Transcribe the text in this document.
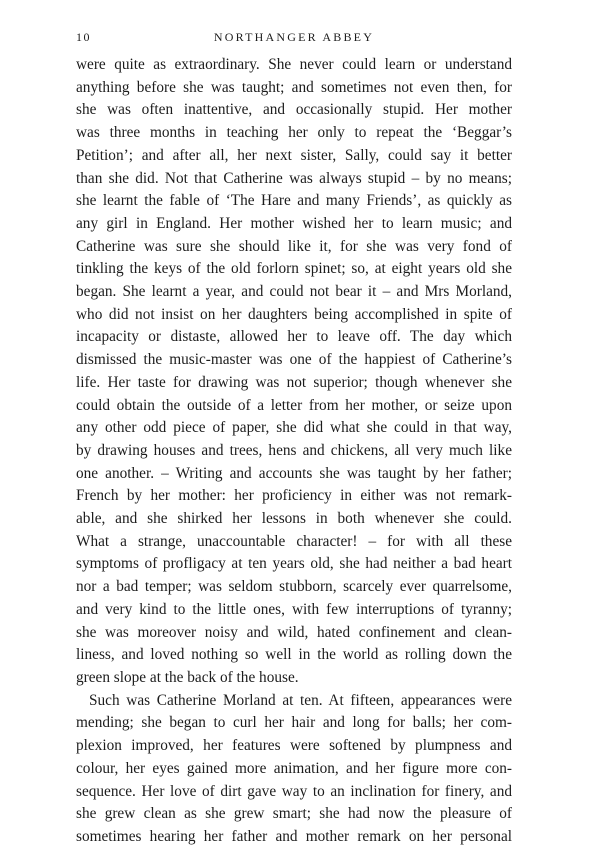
10	NORTHANGER ABBEY
were quite as extraordinary. She never could learn or understand
anything before she was taught; and sometimes not even then, for
she was often inattentive, and occasionally stupid. Her mother
was three months in teaching her only to repeat the ‘Beggar’s
Petition’; and after all, her next sister, Sally, could say it better
than she did. Not that Catherine was always stupid – by no means;
she learnt the fable of ‘The Hare and many Friends’, as quickly as
any girl in England. Her mother wished her to learn music; and
Catherine was sure she should like it, for she was very fond of
tinkling the keys of the old forlorn spinet; so, at eight years old she
began. She learnt a year, and could not bear it – and Mrs Morland,
who did not insist on her daughters being accomplished in spite of
incapacity or distaste, allowed her to leave off. The day which
dismissed the music-master was one of the happiest of Catherine’s
life. Her taste for drawing was not superior; though whenever she
could obtain the outside of a letter from her mother, or seize upon
any other odd piece of paper, she did what she could in that way,
by drawing houses and trees, hens and chickens, all very much like
one another. – Writing and accounts she was taught by her father;
French by her mother: her proficiency in either was not remark-
able, and she shirked her lessons in both whenever she could.
What a strange, unaccountable character! – for with all these
symptoms of profligacy at ten years old, she had neither a bad heart
nor a bad temper; was seldom stubborn, scarcely ever quarrelsome,
and very kind to the little ones, with few interruptions of tyranny;
she was moreover noisy and wild, hated confinement and clean-
liness, and loved nothing so well in the world as rolling down the
green slope at the back of the house.
Such was Catherine Morland at ten. At fifteen, appearances were
mending; she began to curl her hair and long for balls; her com-
plexion improved, her features were softened by plumpness and
colour, her eyes gained more animation, and her figure more con-
sequence. Her love of dirt gave way to an inclination for finery, and
she grew clean as she grew smart; she had now the pleasure of
sometimes hearing her father and mother remark on her personal
